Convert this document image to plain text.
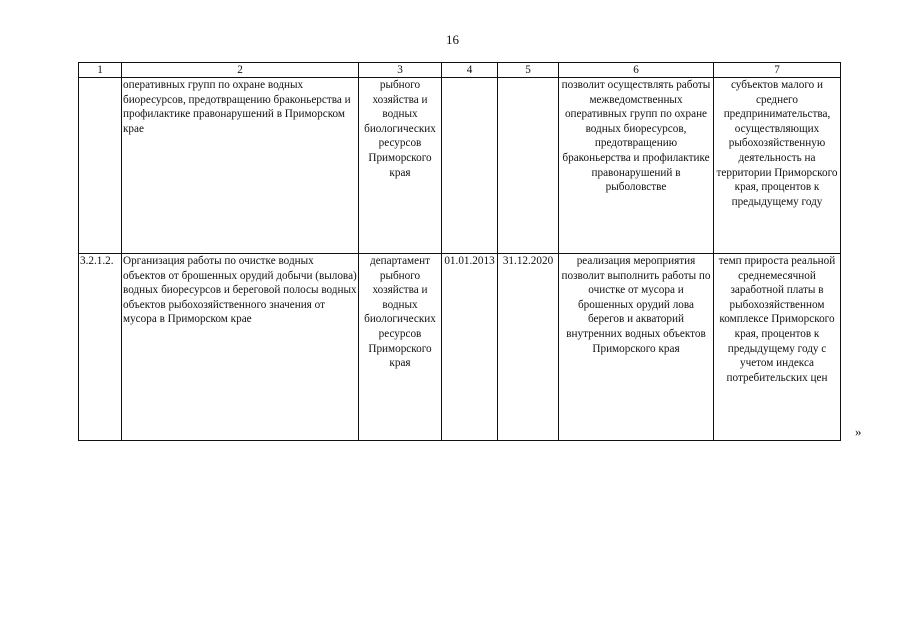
16
1	2	3	4	5	6	7
	оперативных групп по охране водных биоресурсов, предотвращению браконьерства и профилактике правонарушений в Приморском крае	рыбного хозяйства и водных биологических ресурсов Приморского края			позволит осуществлять работы межведомственных оперативных групп по охране водных биоресурсов, предотвращению браконьерства и профилактике правонарушений в рыболовстве	субъектов малого и среднего предпринимательства, осуществляющих рыбохозяйственную деятельность на территории Приморского края, процентов к предыдущему году
3.2.1.2.	Организация работы по очистке водных объектов от брошенных орудий добычи (вылова) водных биоресурсов и береговой полосы водных объектов рыбохозяйственного значения от мусора в Приморском крае	департамент рыбного хозяйства и водных биологических ресурсов Приморского края	01.01.2013	31.12.2020	реализация мероприятия позволит выполнить работы по очистке от мусора и брошенных орудий лова берегов и акваторий внутренних водных объектов Приморского края	темп прироста реальной среднемесячной заработной платы в рыбохозяйственном комплексе Приморского края, процентов к предыдущему году с учетом индекса потребительских цен
»
